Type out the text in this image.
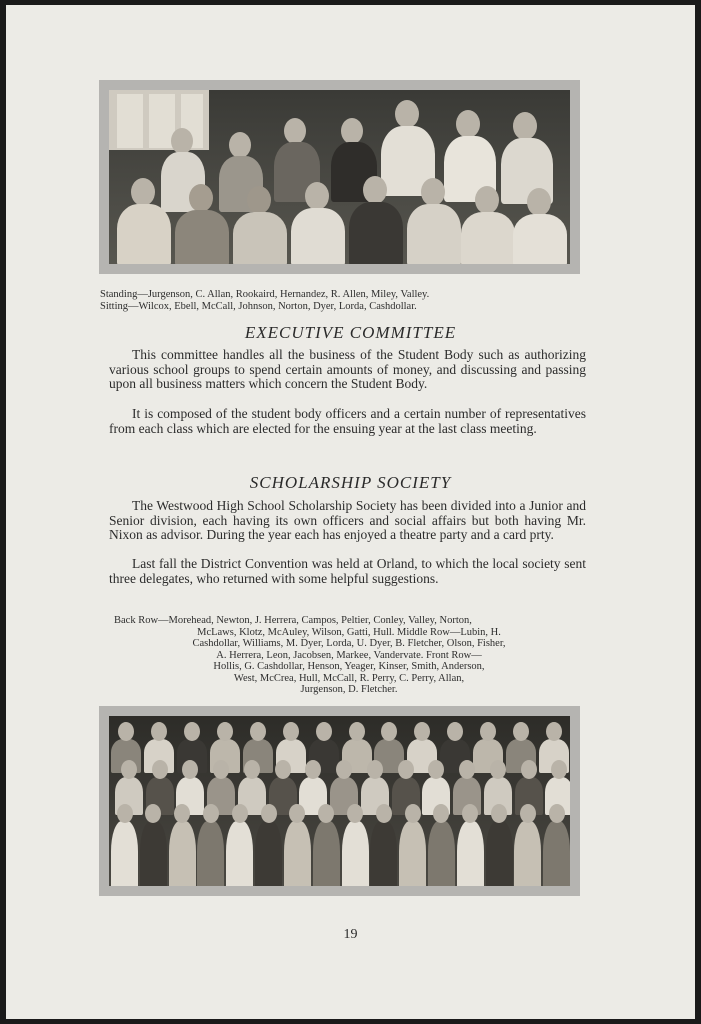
Standing—Jurgenson, C. Allan, Rookaird, Hernandez, R. Allen, Miley, Valley.
Sitting—Wilcox, Ebell, McCall, Johnson, Norton, Dyer, Lorda, Cashdollar.
EXECUTIVE COMMITTEE

This committee handles all the business of the Student Body such as authorizing various school groups to spend certain amounts of money, and discussing and passing upon all business matters which concern the Student Body.

It is composed of the student body officers and a certain number of representatives from each class which are elected for the ensuing year at the last class meeting.

SCHOLARSHIP SOCIETY

The Westwood High School Scholarship Society has been divided into a Junior and Senior division, each having its own officers and social affairs but both having Mr. Nixon as advisor. During the year each has enjoyed a theatre party and a card prty.

Last fall the District Convention was held at Orland, to which the local society sent three delegates, who returned with some helpful suggestions.

Back Row—Morehead, Newton, J. Herrera, Campos, Peltier, Conley, Valley, Norton,
McLaws, Klotz, McAuley, Wilson, Gatti, Hull. Middle Row—Lubin, H.
Cashdollar, Williams, M. Dyer, Lorda, U. Dyer, B. Fletcher, Olson, Fisher,
A. Herrera, Leon, Jacobsen, Markee, Vandervate. Front Row—
Hollis, G. Cashdollar, Henson, Yeager, Kinser, Smith, Anderson,
West, McCrea, Hull, McCall, R. Perry, C. Perry, Allan,
Jurgenson, D. Fletcher.
19
